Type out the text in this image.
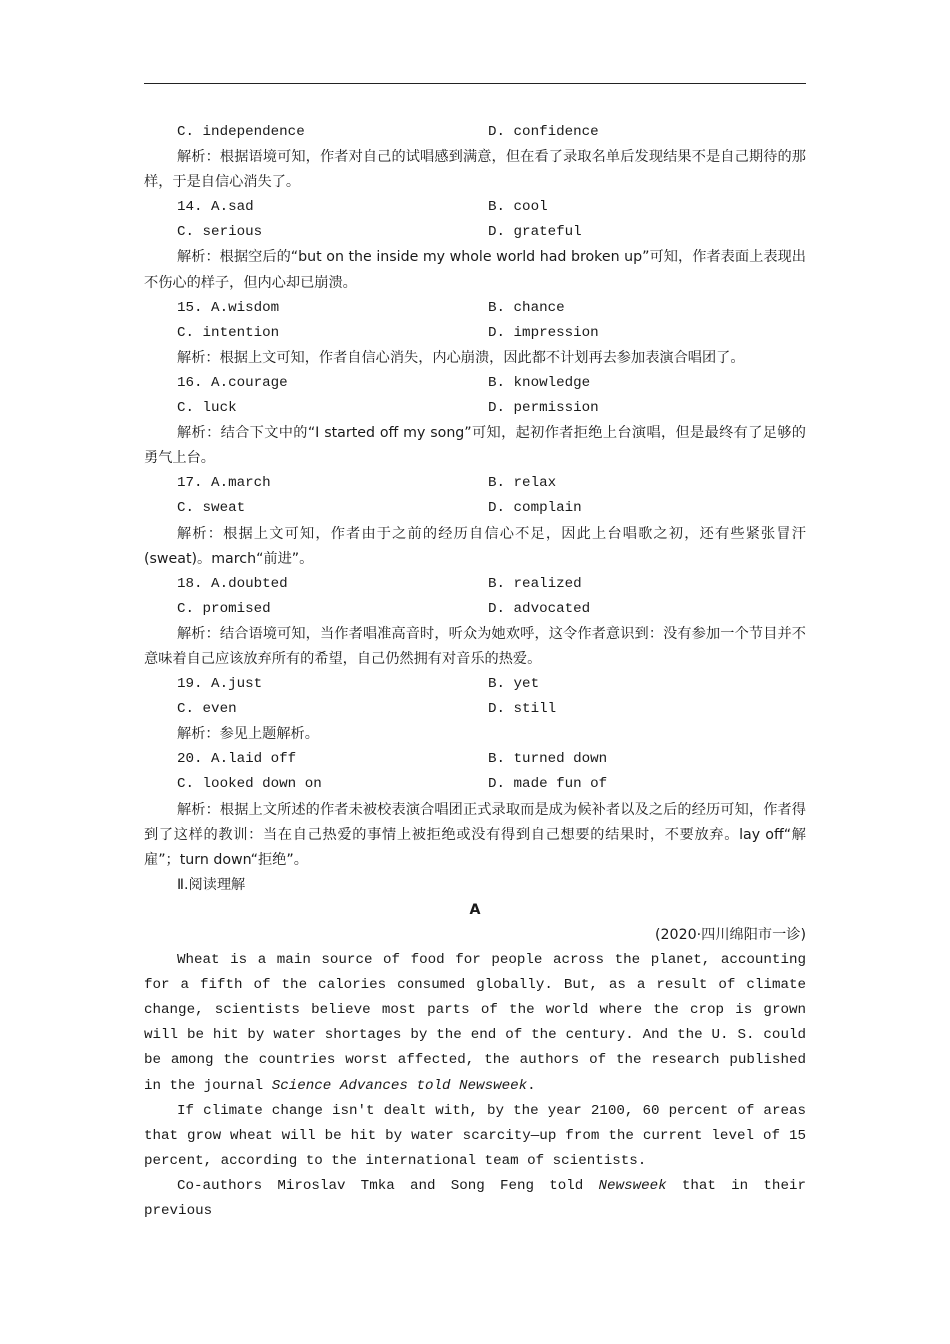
C. independence	D. confidence
解析：根据语境可知，作者对自己的试唱感到满意，但在看了录取名单后发现结果不是自己期待的那样，于是自信心消失了。
14. A.sad	B. cool
C. serious	D. grateful
解析：根据空后的“but on the inside my whole world had broken up”可知，作者表面上表现出不伤心的样子，但内心却已崩溃。
15. A.wisdom	B. chance
C. intention	D. impression
解析：根据上文可知，作者自信心消失，内心崩溃，因此都不计划再去参加表演合唱团了。
16. A.courage	B. knowledge
C. luck	D. permission
解析：结合下文中的“I started off my song”可知，起初作者拒绝上台演唱，但是最终有了足够的勇气上台。
17. A.march	B. relax
C. sweat	D. complain
解析：根据上文可知，作者由于之前的经历自信心不足，因此上台唱歌之初，还有些紧张冒汗(sweat)。march“前进”。
18. A.doubted	B. realized
C. promised	D. advocated
解析：结合语境可知，当作者唱准高音时，听众为她欢呼，这令作者意识到：没有参加一个节目并不意味着自己应该放弃所有的希望，自己仍然拥有对音乐的热爱。
19. A.just	B. yet
C. even	D. still
解析：参见上题解析。
20. A.laid off	B. turned down
C. looked down on	D. made fun of
解析：根据上文所述的作者未被校表演合唱团正式录取而是成为候补者以及之后的经历可知，作者得到了这样的教训：当在自己热爱的事情上被拒绝或没有得到自己想要的结果时，不要放弃。lay off“解雇”；turn down“拒绝”。
Ⅱ.阅读理解
A
(2020·四川绵阳市一诊)
Wheat is a main source of food for people across the planet, accounting for a fifth of the calories consumed globally. But, as a result of climate change, scientists believe most parts of the world where the crop is grown will be hit by water shortages by the end of the century. And the U. S. could be among the countries worst affected, the authors of the research published in the journal Science Advances told Newsweek.
If climate change isn't dealt with, by the year 2100, 60 percent of areas that grow wheat will be hit by water scarcity—up from the current level of 15 percent, according to the international team of scientists.
Co-authors Miroslav Tmka and Song Feng told Newsweek that in their previous
